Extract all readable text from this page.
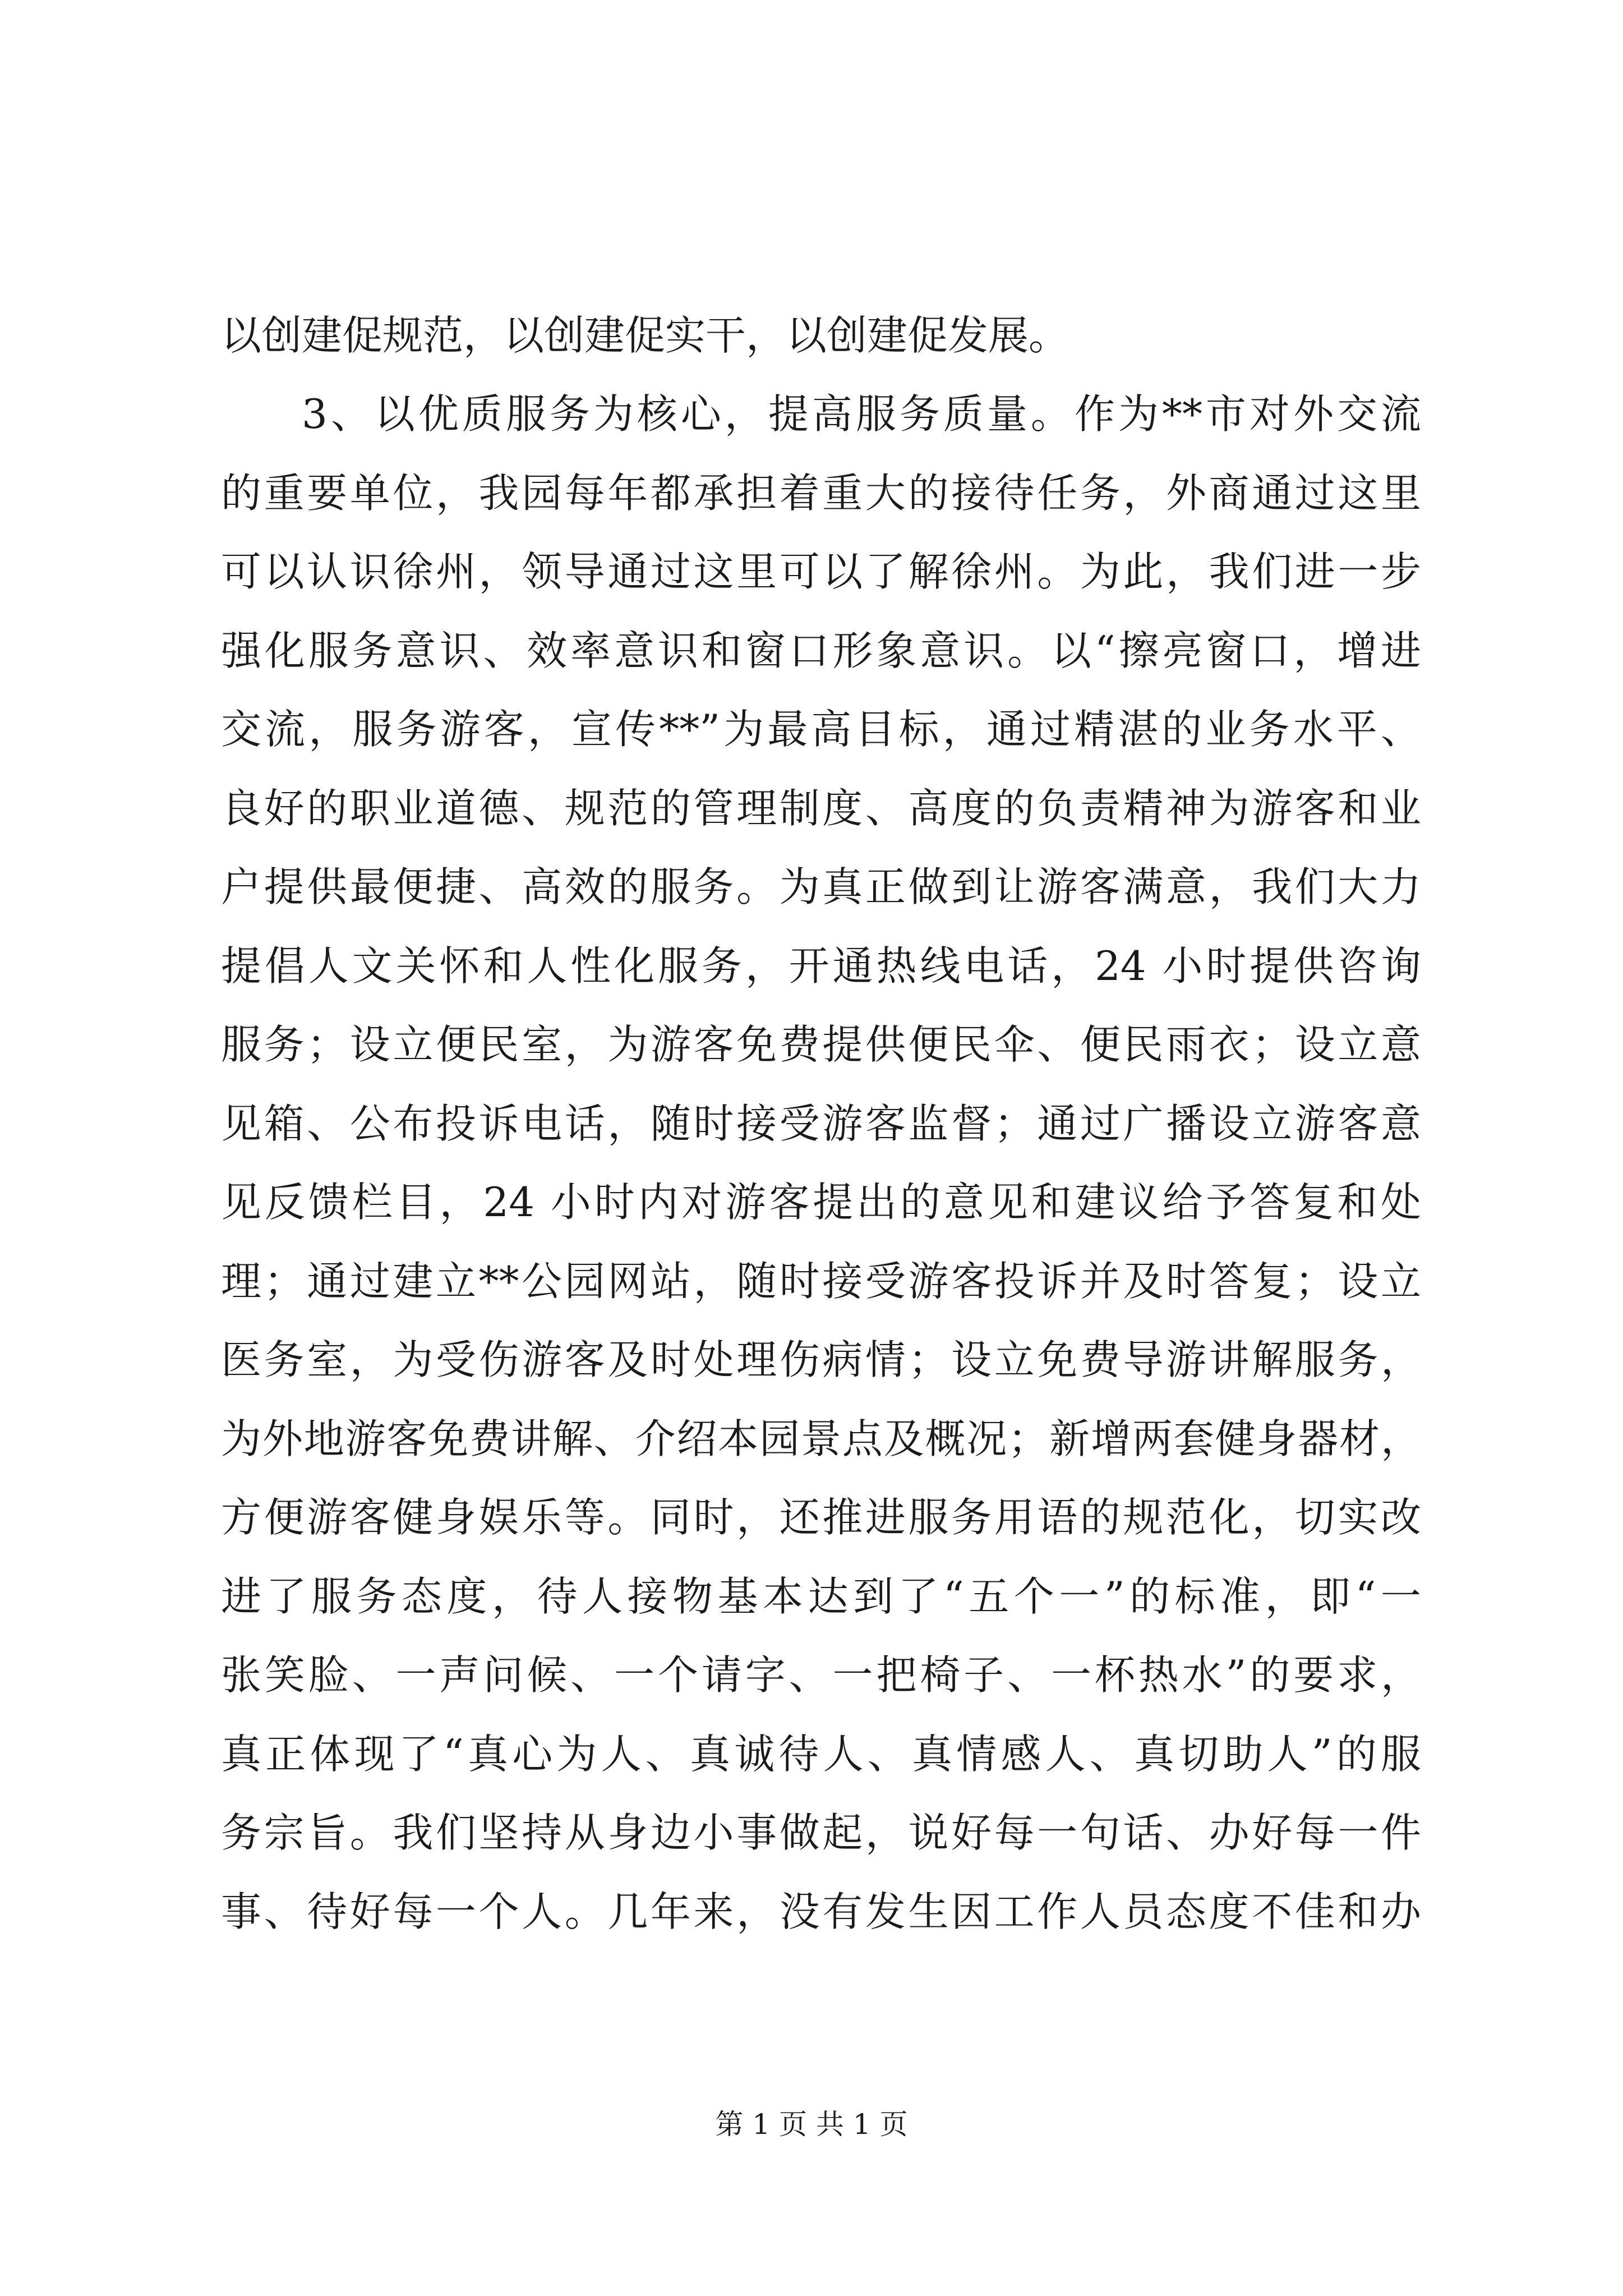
以创建促规范，以创建促实干，以创建促发展。
3、以优质服务为核心，提高服务质量。作为**市对外交流
的重要单位，我园每年都承担着重大的接待任务，外商通过这里
可以认识徐州，领导通过这里可以了解徐州。为此，我们进一步
强化服务意识、效率意识和窗口形象意识。以“擦亮窗口，增进
交流，服务游客，宣传**”为最高目标，通过精湛的业务水平、
良好的职业道德、规范的管理制度、高度的负责精神为游客和业
户提供最便捷、高效的服务。为真正做到让游客满意，我们大力
提倡人文关怀和人性化服务，开通热线电话，24 小时提供咨询
服务；设立便民室，为游客免费提供便民伞、便民雨衣；设立意
见箱、公布投诉电话，随时接受游客监督；通过广播设立游客意
见反馈栏目，24 小时内对游客提出的意见和建议给予答复和处
理；通过建立**公园网站，随时接受游客投诉并及时答复；设立
医务室，为受伤游客及时处理伤病情；设立免费导游讲解服务，
为外地游客免费讲解、介绍本园景点及概况；新增两套健身器材，
方便游客健身娱乐等。同时，还推进服务用语的规范化，切实改
进了服务态度，待人接物基本达到了“五个一”的标准，即“一
张笑脸、一声问候、一个请字、一把椅子、一杯热水”的要求，
真正体现了“真心为人、真诚待人、真情感人、真切助人”的服
务宗旨。我们坚持从身边小事做起，说好每一句话、办好每一件
事、待好每一个人。几年来，没有发生因工作人员态度不佳和办
第 1 页 共 1 页
